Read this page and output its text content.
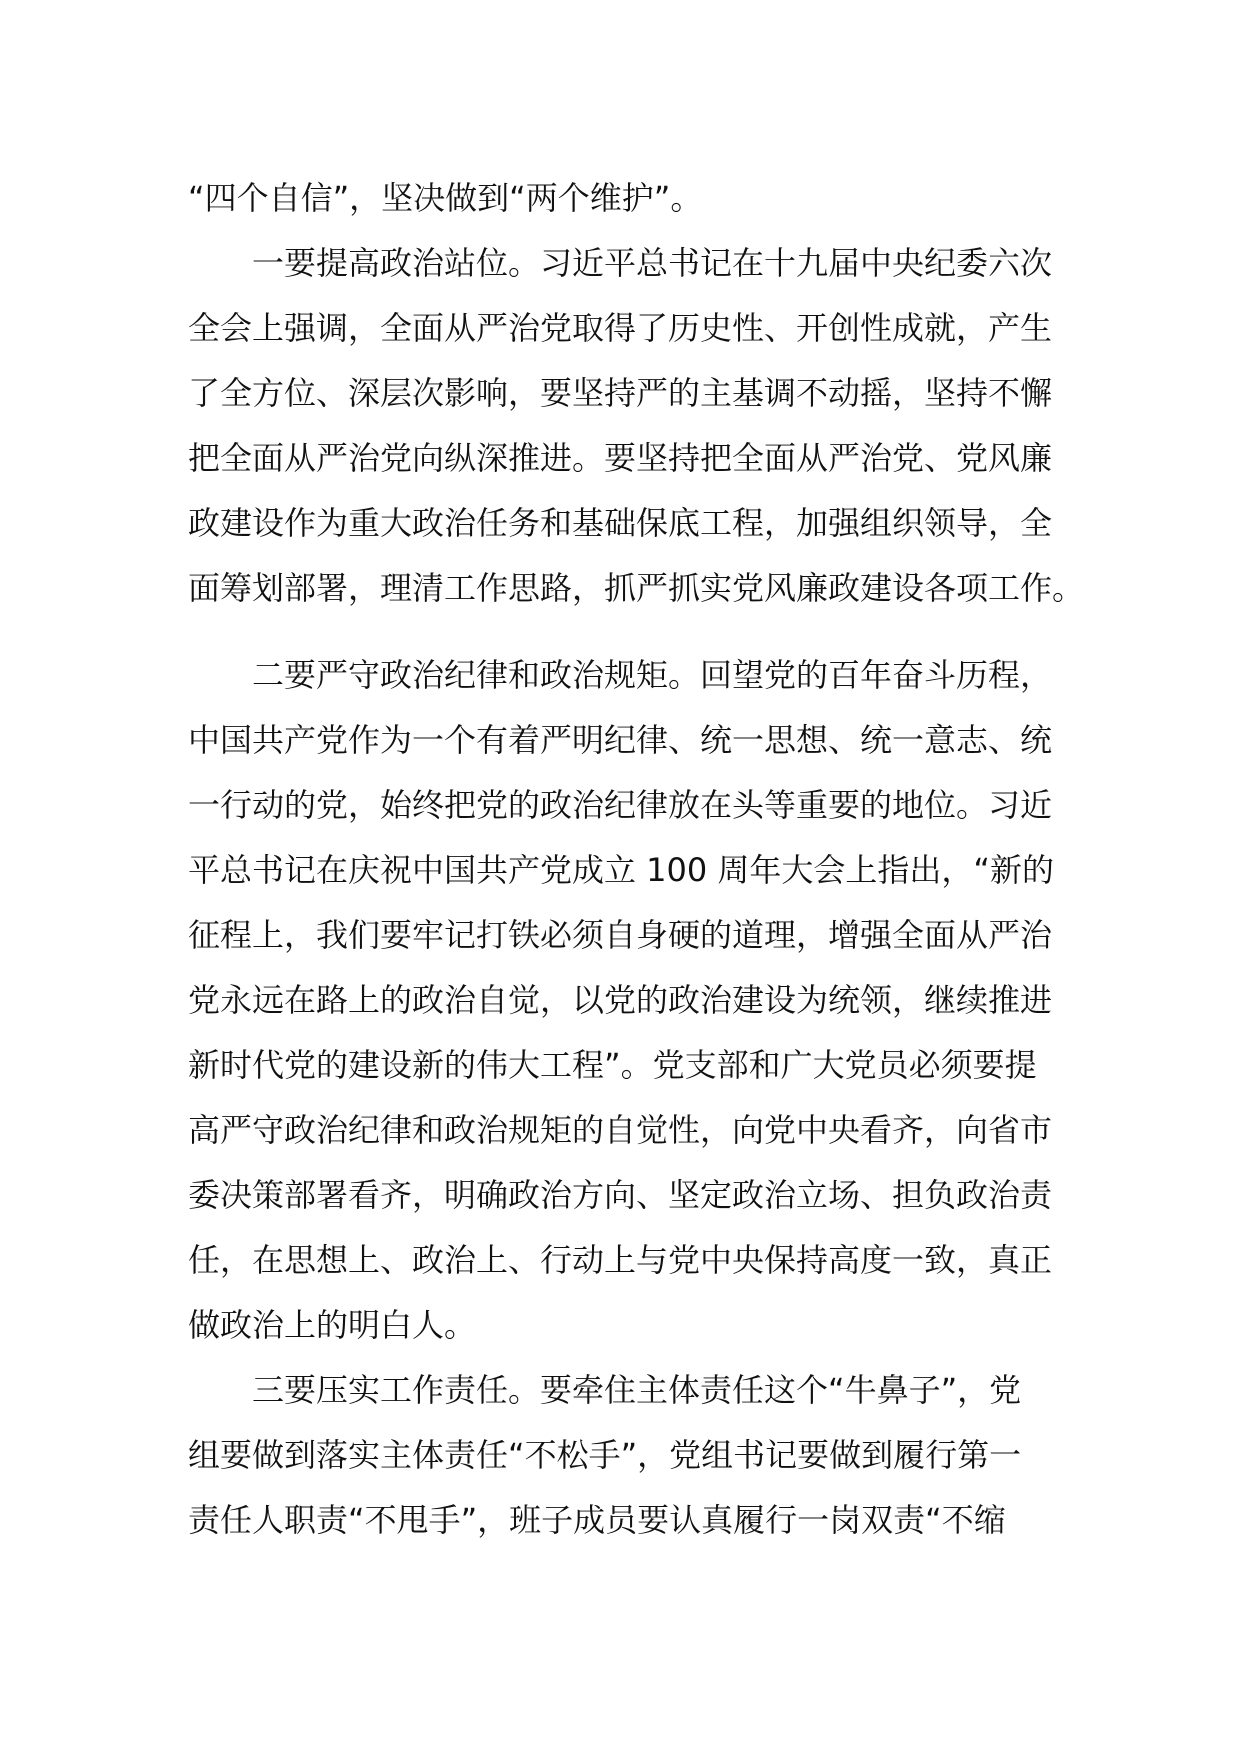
“四个自信”，坚决做到“两个维护”。
一要提高政治站位。习近平总书记在十九届中央纪委六次
全会上强调，全面从严治党取得了历史性、开创性成就，产生
了全方位、深层次影响，要坚持严的主基调不动摇，坚持不懈
把全面从严治党向纵深推进。要坚持把全面从严治党、党风廉
政建设作为重大政治任务和基础保底工程，加强组织领导，全
面筹划部署，理清工作思路，抓严抓实党风廉政建设各项工作。
二要严守政治纪律和政治规矩。回望党的百年奋斗历程，
中国共产党作为一个有着严明纪律、统一思想、统一意志、统
一行动的党，始终把党的政治纪律放在头等重要的地位。习近
平总书记在庆祝中国共产党成立 100 周年大会上指出，“新的
征程上，我们要牢记打铁必须自身硬的道理，增强全面从严治
党永远在路上的政治自觉，以党的政治建设为统领，继续推进
新时代党的建设新的伟大工程”。党支部和广大党员必须要提
高严守政治纪律和政治规矩的自觉性，向党中央看齐，向省市
委决策部署看齐，明确政治方向、坚定政治立场、担负政治责
任，在思想上、政治上、行动上与党中央保持高度一致，真正
做政治上的明白人。
三要压实工作责任。要牵住主体责任这个“牛鼻子”，党
组要做到落实主体责任“不松手”，党组书记要做到履行第一
责任人职责“不甩手”，班子成员要认真履行一岗双责“不缩
